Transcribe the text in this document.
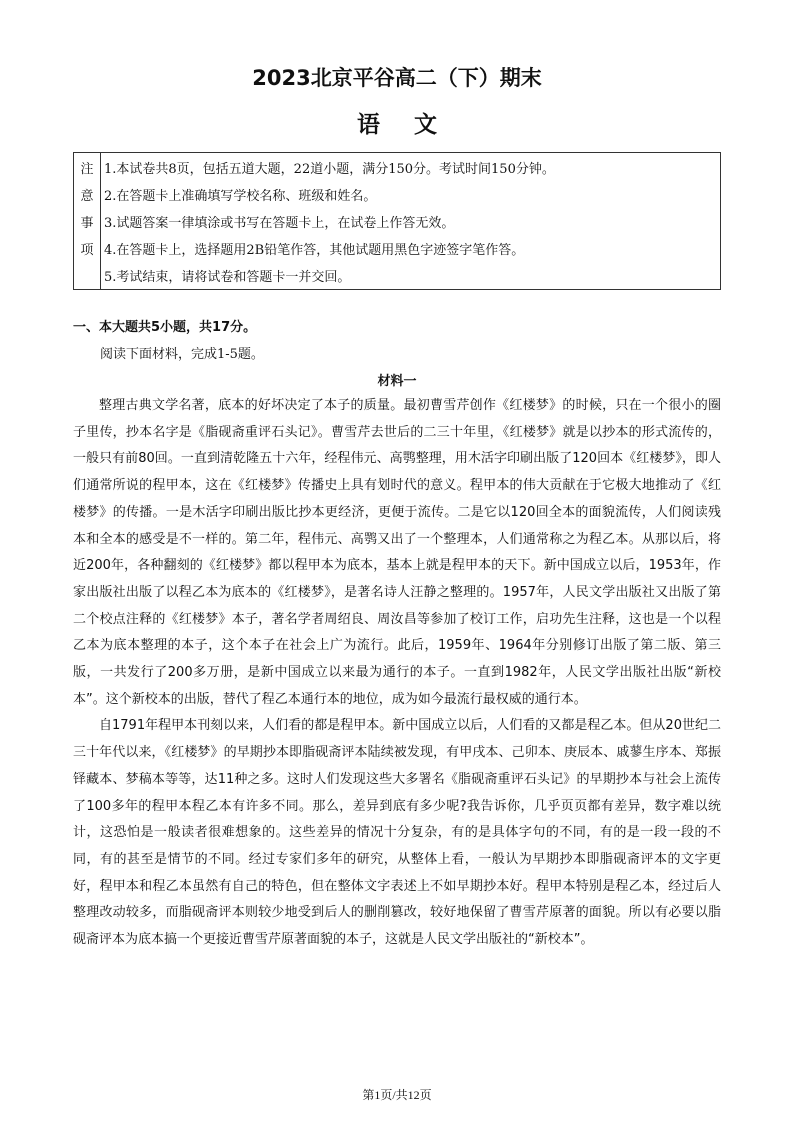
2023北京平谷高二（下）期末
语文
注
意
事
项
1.本试卷共8页，包括五道大题，22道小题，满分150分。考试时间150分钟。
2.在答题卡上准确填写学校名称、班级和姓名。
3.试题答案一律填涂或书写在答题卡上，在试卷上作答无效。
4.在答题卡上，选择题用2B铅笔作答，其他试题用黑色字迹签字笔作答。
5.考试结束，请将试卷和答题卡一并交回。
一、本大题共5小题，共17分。
阅读下面材料，完成1-5题。
材料一

整理古典文学名著，底本的好坏决定了本子的质量。最初曹雪芹创作《红楼梦》的时候，只在一个很小的圈子里传，抄本名字是《脂砚斋重评石头记》。曹雪芹去世后的二三十年里，《红楼梦》就是以抄本的形式流传的，一般只有前80回。一直到清乾隆五十六年，经程伟元、高鹗整理，用木活字印刷出版了120回本《红楼梦》，即人们通常所说的程甲本，这在《红楼梦》传播史上具有划时代的意义。程甲本的伟大贡献在于它极大地推动了《红楼梦》的传播。一是木活字印刷出版比抄本更经济，更便于流传。二是它以120回全本的面貌流传，人们阅读残本和全本的感受是不一样的。第二年，程伟元、高鹗又出了一个整理本，人们通常称之为程乙本。从那以后，将近200年，各种翻刻的《红楼梦》都以程甲本为底本，基本上就是程甲本的天下。新中国成立以后，1953年，作家出版社出版了以程乙本为底本的《红楼梦》，是著名诗人汪静之整理的。1957年，人民文学出版社又出版了第二个校点注释的《红楼梦》本子，著名学者周绍良、周汝昌等参加了校订工作，启功先生注释，这也是一个以程乙本为底本整理的本子，这个本子在社会上广为流行。此后，1959年、1964年分别修订出版了第二版、第三版，一共发行了200多万册，是新中国成立以来最为通行的本子。一直到1982年，人民文学出版社出版“新校本”。这个新校本的出版，替代了程乙本通行本的地位，成为如今最流行最权威的通行本。

自1791年程甲本刊刻以来，人们看的都是程甲本。新中国成立以后，人们看的又都是程乙本。但从20世纪二三十年代以来，《红楼梦》的早期抄本即脂砚斋评本陆续被发现，有甲戌本、己卯本、庚辰本、戚蓼生序本、郑振铎藏本、梦稿本等等，达11种之多。这时人们发现这些大多署名《脂砚斋重评石头记》的早期抄本与社会上流传了100多年的程甲本程乙本有许多不同。那么，差异到底有多少呢?我告诉你，几乎页页都有差异，数字难以统计，这恐怕是一般读者很难想象的。这些差异的情况十分复杂，有的是具体字句的不同，有的是一段一段的不同，有的甚至是情节的不同。经过专家们多年的研究，从整体上看，一般认为早期抄本即脂砚斋评本的文字更好，程甲本和程乙本虽然有自己的特色，但在整体文字表述上不如早期抄本好。程甲本特别是程乙本，经过后人整理改动较多，而脂砚斋评本则较少地受到后人的删削篡改，较好地保留了曹雪芹原著的面貌。所以有必要以脂砚斋评本为底本搞一个更接近曹雪芹原著面貌的本子，这就是人民文学出版社的“新校本”。

第1页/共12页
